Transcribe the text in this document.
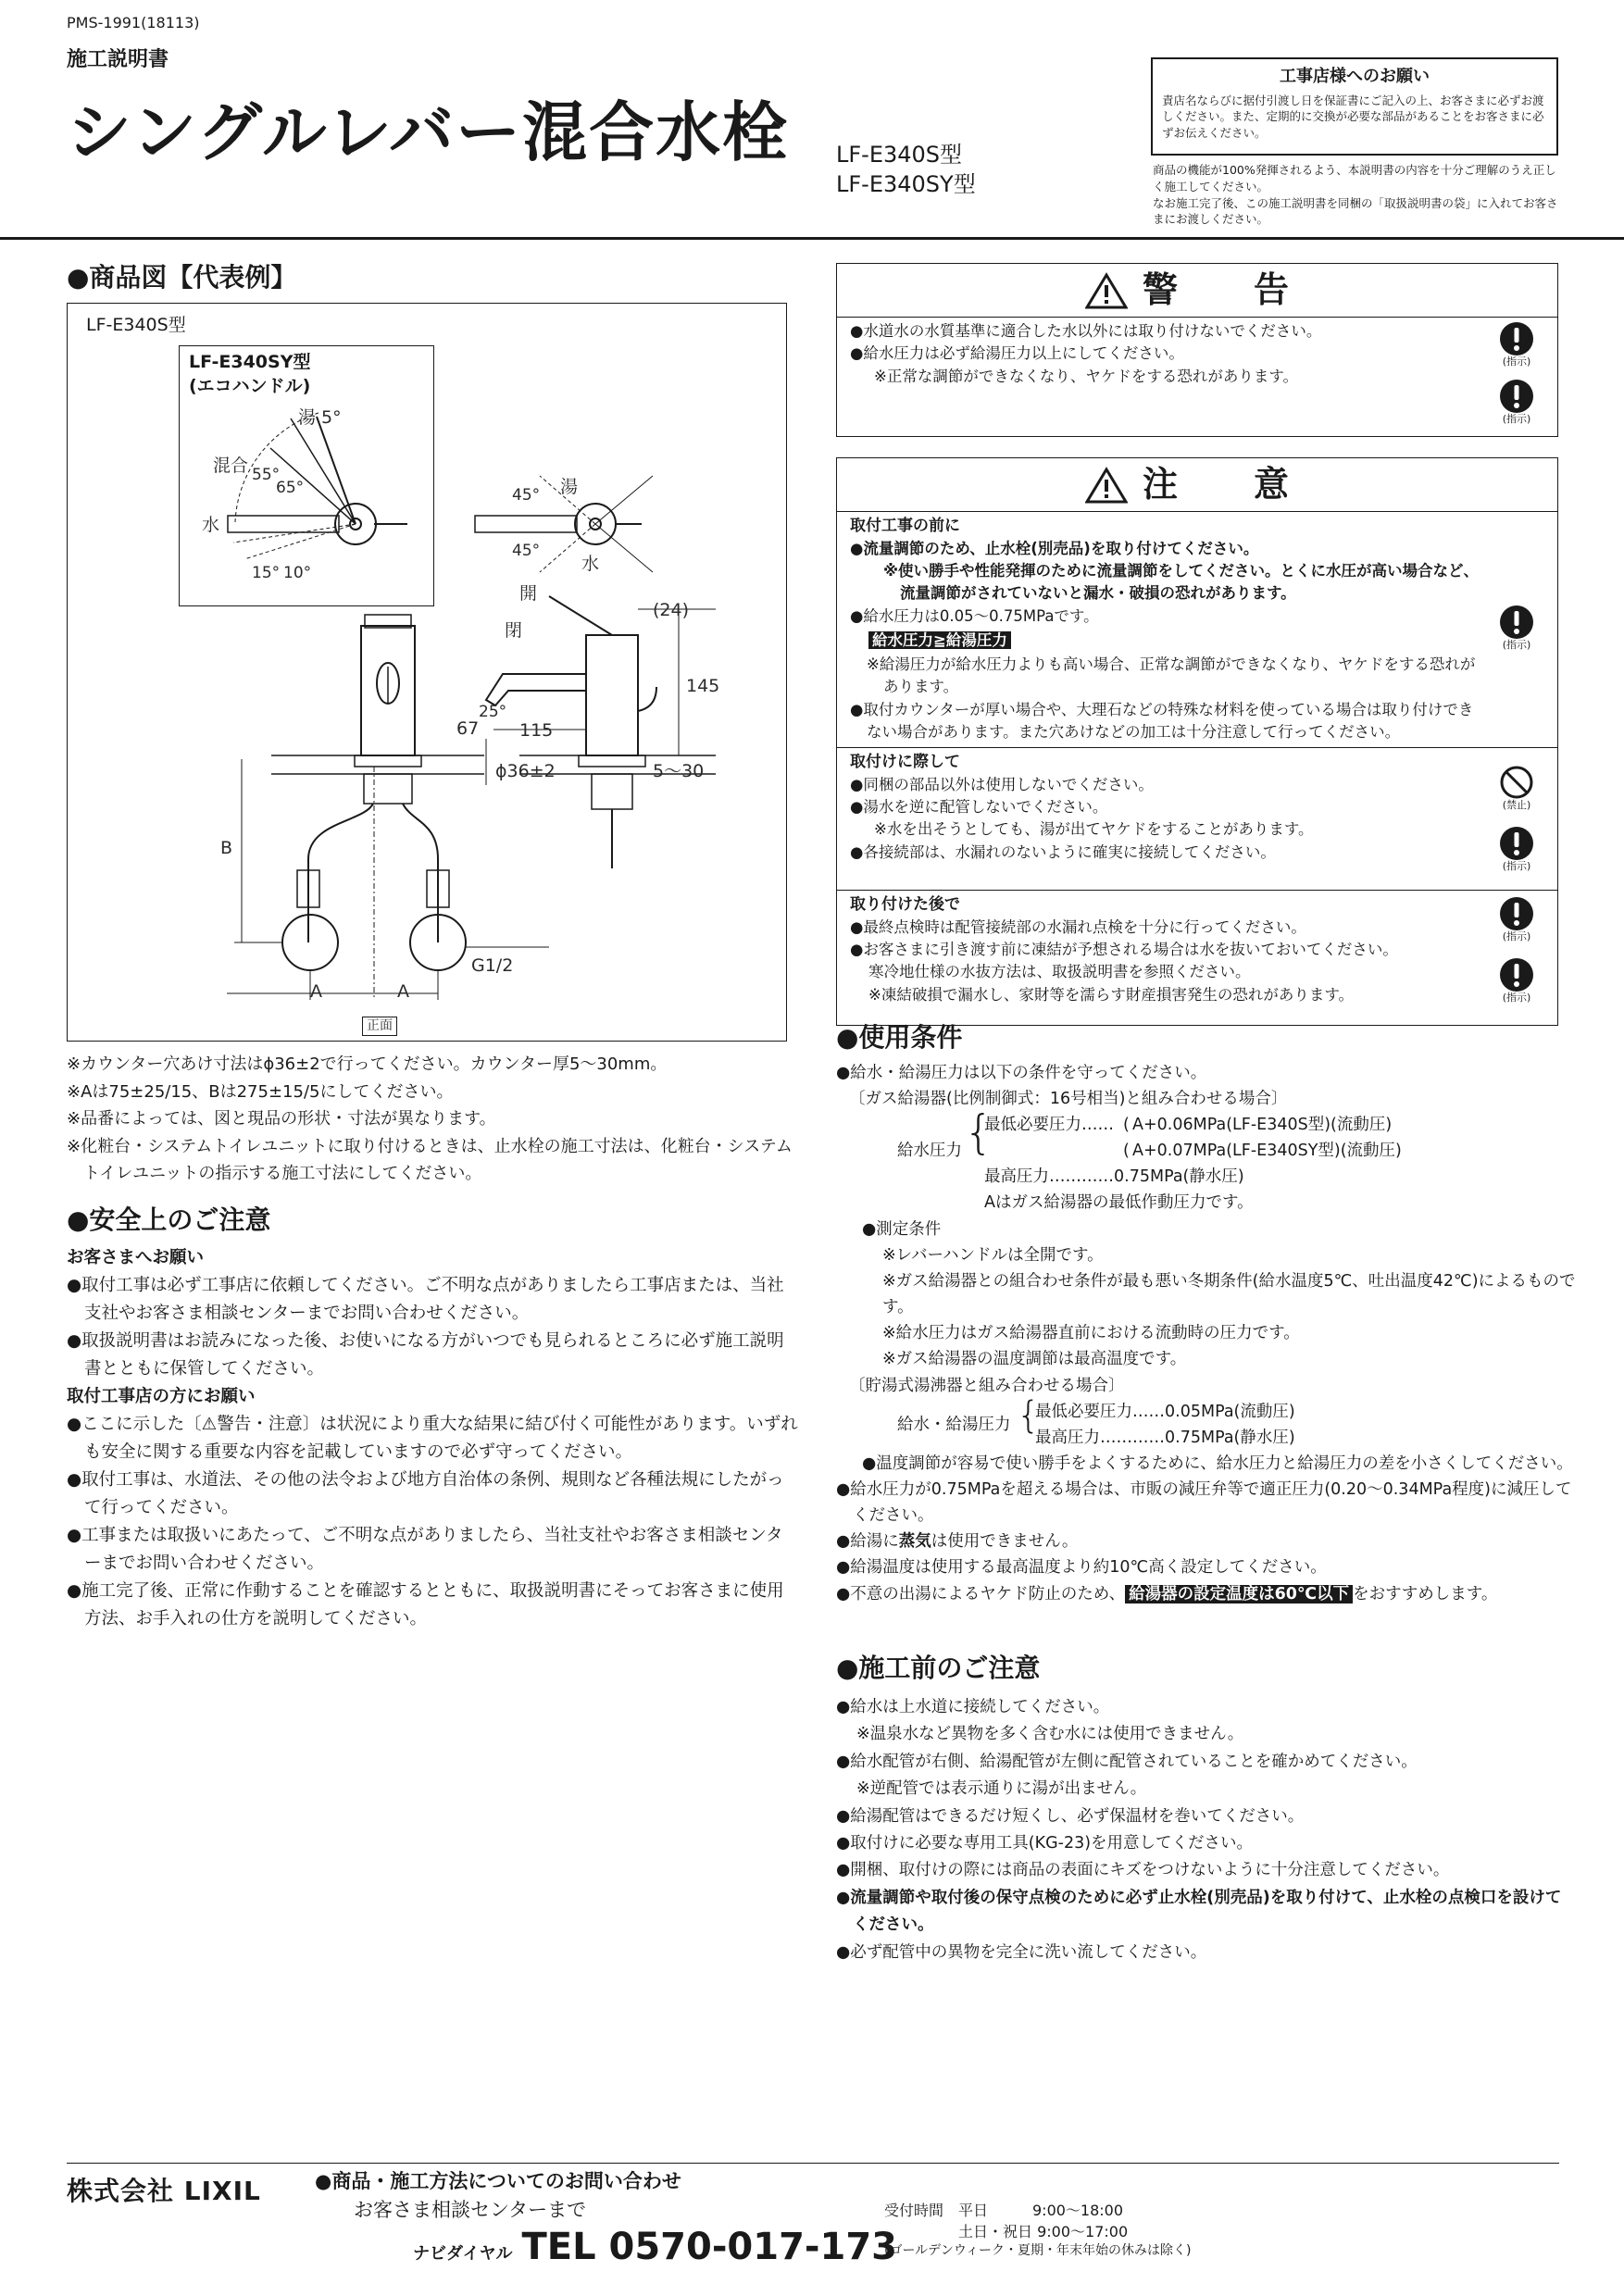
PMS-1991(18113)
施工説明書
シングルレバー混合水栓 LF-E340S型
LF-E340SY型
工事店様へのお願い
責店名ならびに据付引渡し日を保証書にご記入の上、お客さまに必ずお渡しください。また、定期的に交換が必要な部品があることをお客さまに必ずお伝えください。
商品の機能が100%発揮されるよう、本説明書の内容を十分ご理解のうえ正しく施工してください。
なお施工完了後、この施工説明書を同梱の「取扱説明書の袋」に入れてお客さまにお渡しください。
●商品図【代表例】
LF-E340S型
LF-E340SY型
(エコハンドル)
湯 5°
混合 55°
65°
水
15° 10°
湯
水
45°
45°
開
閉
(24)
145
67
25°
115
ϕ36±2	5〜30
B
G1/2
A	A
正面

※カウンター穴あけ寸法はϕ36±2で行ってください。カウンター厚5〜30mm。

※Aは75±25/15、Bは275±15/5にしてください。

※品番によっては、図と現品の形状・寸法が異なります。

※化粧台・システムトイレユニットに取り付けるときは、止水栓の施工寸法は、化粧台・システムトイレユニットの指示する施工寸法にしてください。

●安全上のご注意
お客さまへお願い

●取付工事は必ず工事店に依頼してください。ご不明な点がありましたら工事店または、当社支社やお客さま相談センターまでお問い合わせください。

●取扱説明書はお読みになった後、お使いになる方がいつでも見られるところに必ず施工説明書とともに保管してください。

取付工事店の方にお願い

●ここに示した〔⚠警告・注意〕は状況により重大な結果に結び付く可能性があります。いずれも安全に関する重要な内容を記載していますので必ず守ってください。

●取付工事は、水道法、その他の法令および地方自治体の条例、規則など各種法規にしたがって行ってください。

●工事または取扱いにあたって、ご不明な点がありましたら、当社支社やお客さま相談センターまでお問い合わせください。

●施工完了後、正常に作動することを確認するとともに、取扱説明書にそってお客さまに使用方法、お手入れの仕方を説明してください。

警　告

●水道水の水質基準に適合した水以外には取り付けないでください。

●給水圧力は必ず給湯圧力以上にしてください。

※正常な調節ができなくなり、ヤケドをする恐れがあります。

(指示)
(指示)
注　意
取付工事の前に

●流量調節のため、止水栓(別売品)を取り付けてください。

※使い勝手や性能発揮のために流量調節をしてください。とくに水圧が高い場合など、流量調節がされていないと漏水・破損の恐れがあります。

●給水圧力は0.05〜0.75MPaです。

給水圧力≧給湯圧力

※給湯圧力が給水圧力よりも高い場合、正常な調節ができなくなり、ヤケドをする恐れがあります。

●取付カウンターが厚い場合や、大理石などの特殊な材料を使っている場合は取り付けできない場合があります。また穴あけなどの加工は十分注意して行ってください。

(指示)
取付けに際して

●同梱の部品以外は使用しないでください。

●湯水を逆に配管しないでください。

※水を出そうとしても、湯が出てヤケドをすることがあります。

●各接続部は、水漏れのないように確実に接続してください。

(禁止)
(指示)
取り付けた後で

●最終点検時は配管接続部の水漏れ点検を十分に行ってください。

●お客さまに引き渡す前に凍結が予想される場合は水を抜いておいてください。

寒冷地仕様の水抜方法は、取扱説明書を参照ください。

※凍結破損で漏水し、家財等を濡らす財産損害発生の恐れがあります。

(指示)
(指示)
●使用条件

●給水・給湯圧力は以下の条件を守ってください。

〔ガス給湯器(比例制御式：16号相当)と組み合わせる場合〕

給水圧力 {
最低必要圧力…… ( A+0.06MPa(LF-E340S型)(流動圧)
( A+0.07MPa(LF-E340SY型)(流動圧)
最高圧力…………0.75MPa(静水圧)

Aはガス給湯器の最低作動圧力です。

●測定条件

※レバーハンドルは全開です。

※ガス給湯器との組合わせ条件が最も悪い冬期条件(給水温度5℃、吐出温度42℃)によるものです。

※給水圧力はガス給湯器直前における流動時の圧力です。

※ガス給湯器の温度調節は最高温度です。

〔貯湯式湯沸器と組み合わせる場合〕

給水・給湯圧力 {
最低必要圧力……0.05MPa(流動圧)
最高圧力…………0.75MPa(静水圧)

●温度調節が容易で使い勝手をよくするために、給水圧力と給湯圧力の差を小さくしてください。

●給水圧力が0.75MPaを超える場合は、市販の減圧弁等で適正圧力(0.20〜0.34MPa程度)に減圧してください。

●給湯に蒸気は使用できません。

●給湯温度は使用する最高温度より約10℃高く設定してください。

●不意の出湯によるヤケド防止のため、 給湯器の設定温度は60℃以下 をおすすめします。

●施工前のご注意

●給水は上水道に接続してください。

※温泉水など異物を多く含む水には使用できません。

●給水配管が右側、給湯配管が左側に配管されていることを確かめてください。

※逆配管では表示通りに湯が出ません。

●給湯配管はできるだけ短くし、必ず保温材を巻いてください。

●取付けに必要な専用工具(KG-23)を用意してください。

●開梱、取付けの際には商品の表面にキズをつけないように十分注意してください。

●流量調節や取付後の保守点検のために必ず止水栓(別売品)を取り付けて、止水栓の点検口を設けてください。

●必ず配管中の異物を完全に洗い流してください。

株式会社 LIXIL	●商品・施工方法についてのお問い合わせ
お客さま相談センターまで
ナビダイヤル TEL 0570-017-173
受付時間　平日　　　9:00〜18:00
　　　　　土日・祝日 9:00〜17:00
(ゴールデンウィーク・夏期・年末年始の休みは除く)
